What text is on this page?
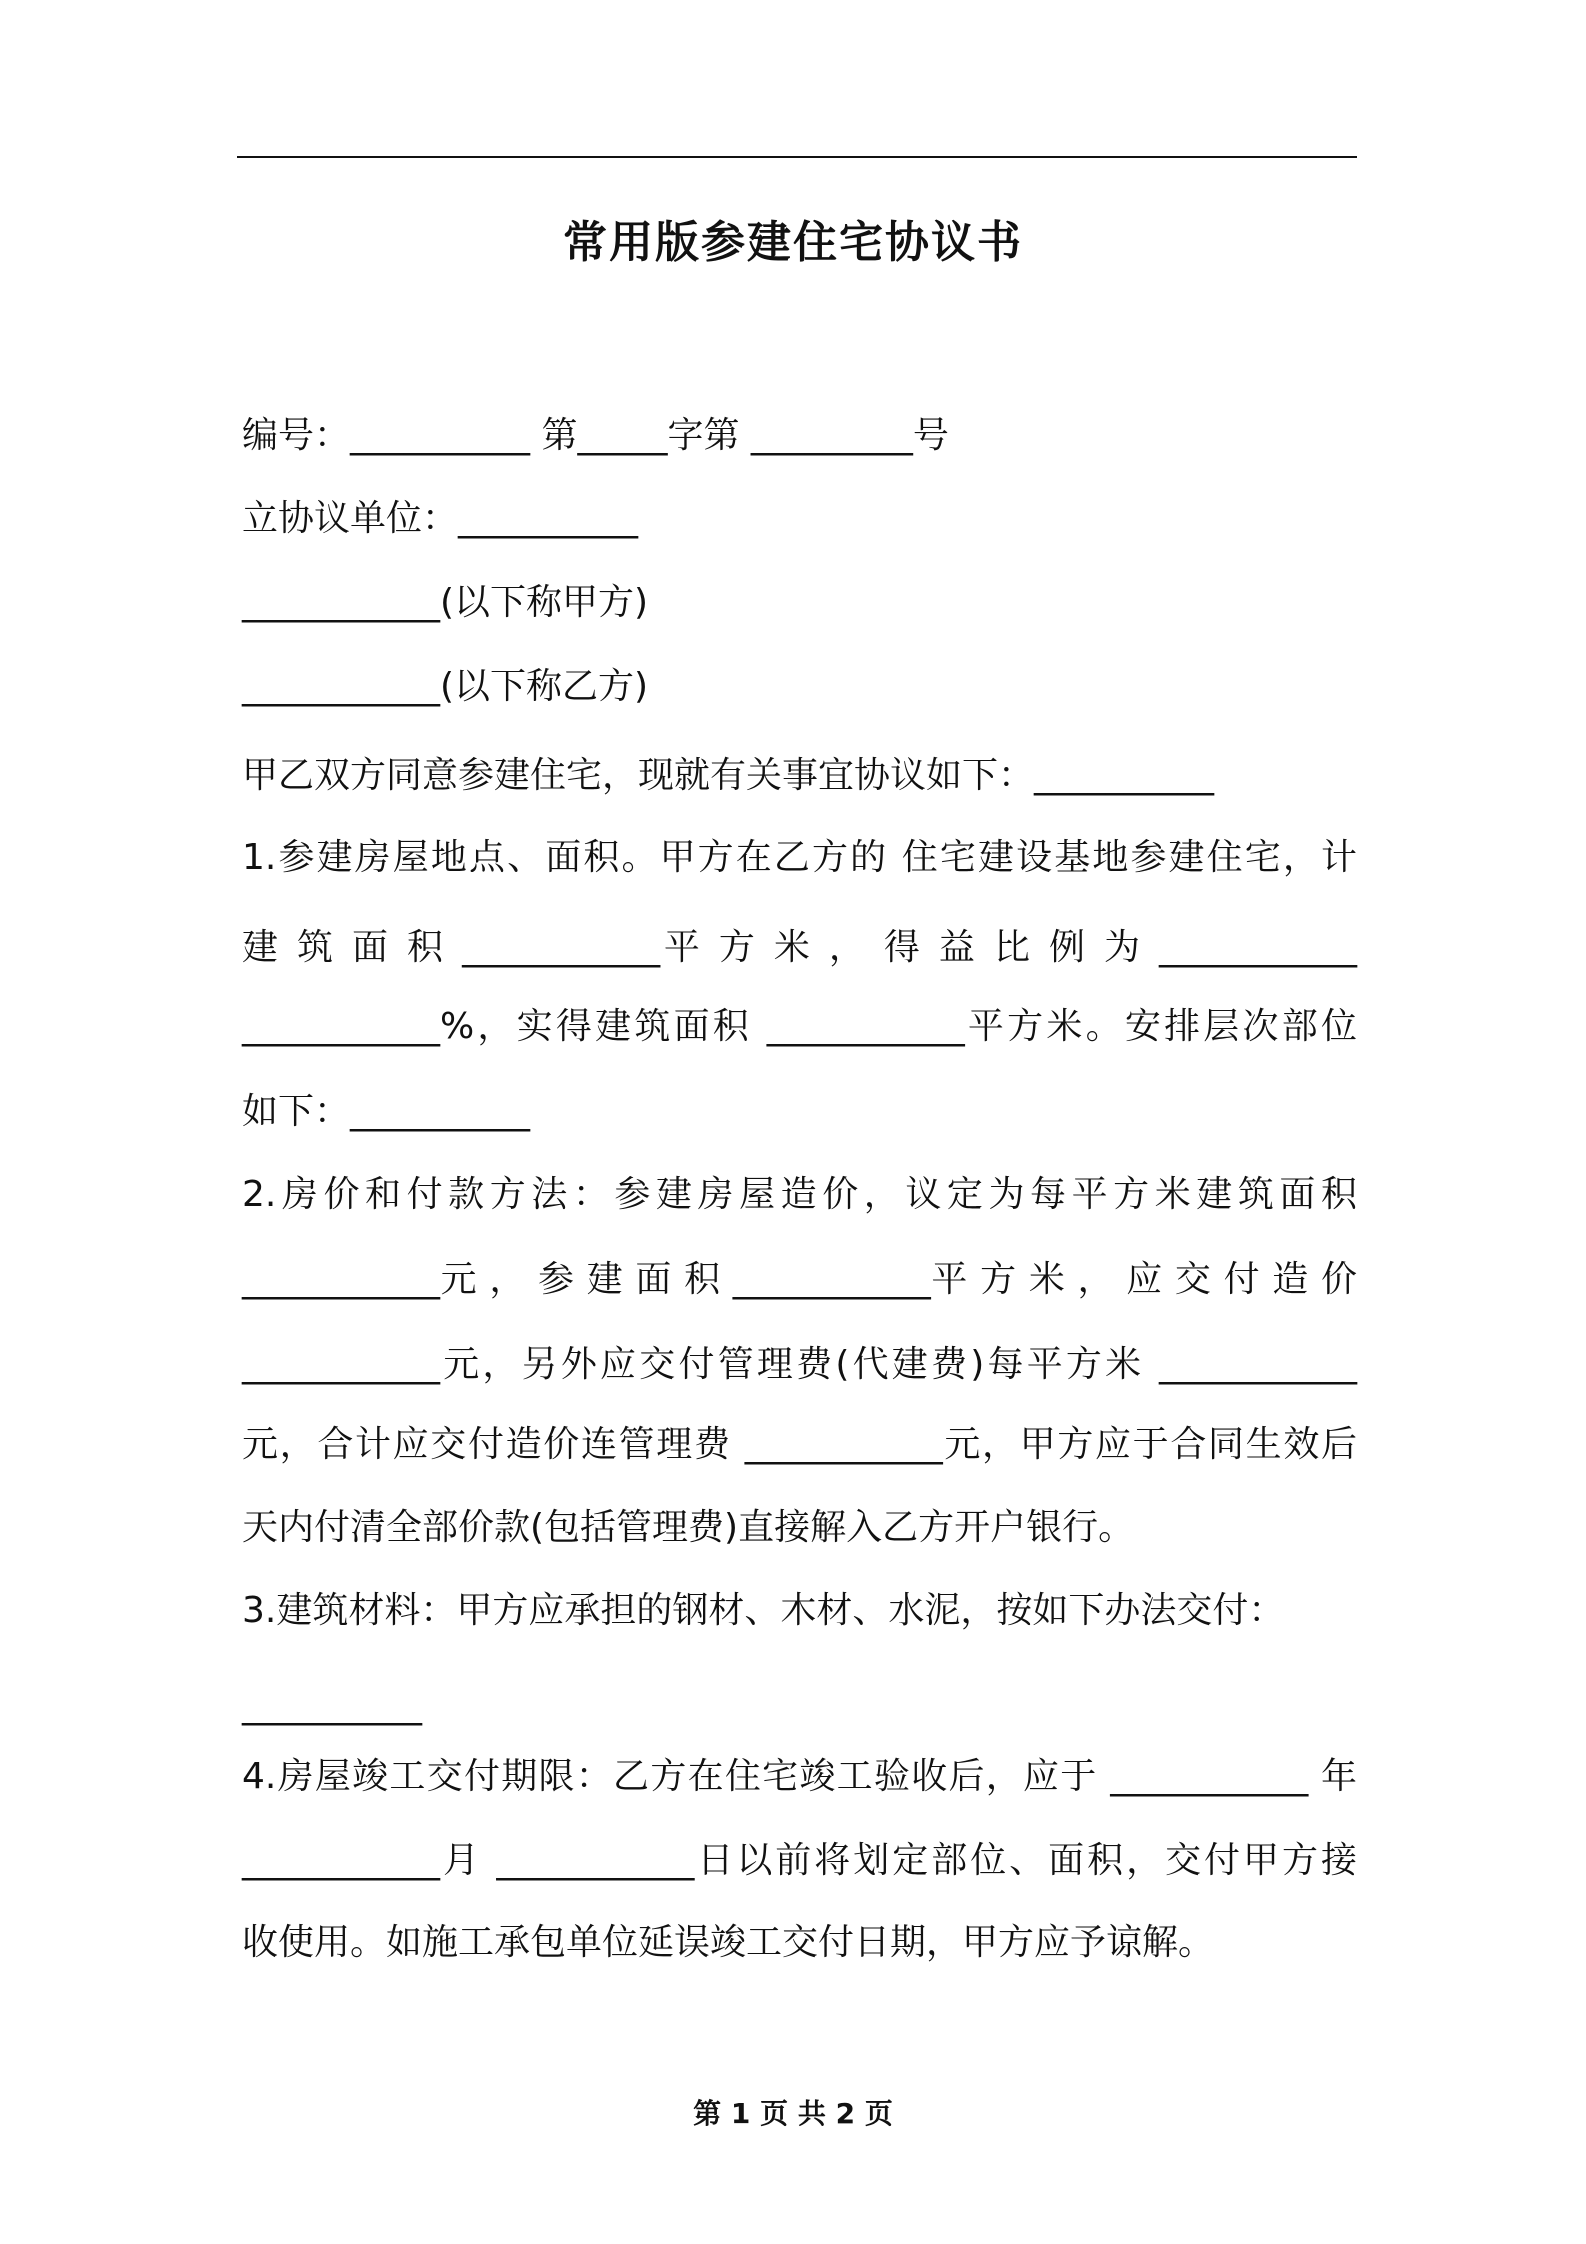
常用版参建住宅协议书
编号：__________ 第_____字第 _________号
立协议单位：__________
___________(以下称甲方)
___________(以下称乙方)
甲乙双方同意参建住宅，现就有关事宜协议如下：__________
1.参建房屋地点、面积。甲方在乙方的 住宅建设基地参建住宅，计
建 筑 面 积 ___________平 方 米 ， 得 益 比 例 为 ___________
___________%，实得建筑面积 ___________平方米。安排层次部位
如下：__________
2.房价和付款方法：参建房屋造价，议定为每平方米建筑面积
___________元 ， 参 建 面 积 ___________平 方 米 ， 应 交 付 造 价
___________元，另外应交付管理费(代建费)每平方米 ___________
元，合计应交付造价连管理费 ___________元，甲方应于合同生效后
天内付清全部价款(包括管理费)直接解入乙方开户银行。
3.建筑材料：甲方应承担的钢材、木材、水泥，按如下办法交付：
__________
4.房屋竣工交付期限：乙方在住宅竣工验收后，应于 ___________ 年
___________月 ___________日以前将划定部位、面积，交付甲方接
收使用。如施工承包单位延误竣工交付日期，甲方应予谅解。
第 1 页 共 2 页
